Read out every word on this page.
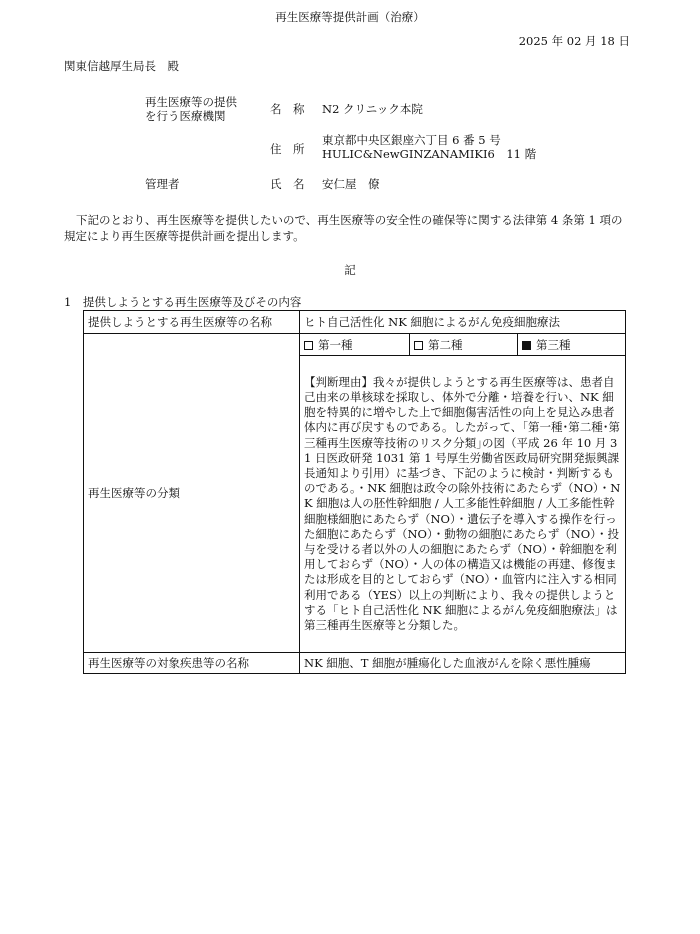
再生医療等提供計画（治療）
2025 年 02 月 18 日
関東信越厚生局長　殿
再生医療等の提供
を行う医療機関	名　称 N2 クリニック本院
住　所
東京都中央区銀座六丁目 6 番 5 号
HULIC&NewGINZANAMIKI6　11 階
管理者	氏　名 安仁屋　僚
下記のとおり、再生医療等を提供したいので、再生医療等の安全性の確保等に関する法律第 4 条第 1 項の規定により再生医療等提供計画を提出します。
記
1　提供しようとする再生医療等及びその内容
提供しようとする再生医療等の名称	ヒト自己活性化 NK 細胞によるがん免疫細胞療法		
再生医療等の分類	第一種	第二種	第三種
	【判断理由】我々が提供しようとする再生医療等は、患者自己由来の単核球を採取し、体外で分離・培養を行い、NK 細胞を特異的に増やした上で細胞傷害活性の向上を見込み患者体内に再び戻すものである。したがって、｢第一種･第二種･第三種再生医療等技術のリスク分類｣の図（平成 26 年 10 月 31 日医政研発 1031 第 1 号厚生労働省医政局研究開発振興課長通知より引用）に基づき、下記のように検討・判断するものである。・NK 細胞は政令の除外技術にあたらず（NO）・NK 細胞は人の胚性幹細胞 / 人工多能性幹細胞 / 人工多能性幹細胞様細胞にあたらず（NO）・遺伝子を導入する操作を行った細胞にあたらず（NO）・動物の細胞にあたらず（NO）・投与を受ける者以外の人の細胞にあたらず（NO）・幹細胞を利用しておらず（NO）・人の体の構造又は機能の再建、修復または形成を目的としておらず（NO）・血管内に注入する相同利用である（YES）以上の判断により、我々の提供しようとする「ヒト自己活性化 NK 細胞によるがん免疫細胞療法」は第三種再生医療等と分類した。		
再生医療等の対象疾患等の名称	NK 細胞、T 細胞が腫瘍化した血液がんを除く悪性腫瘍		
